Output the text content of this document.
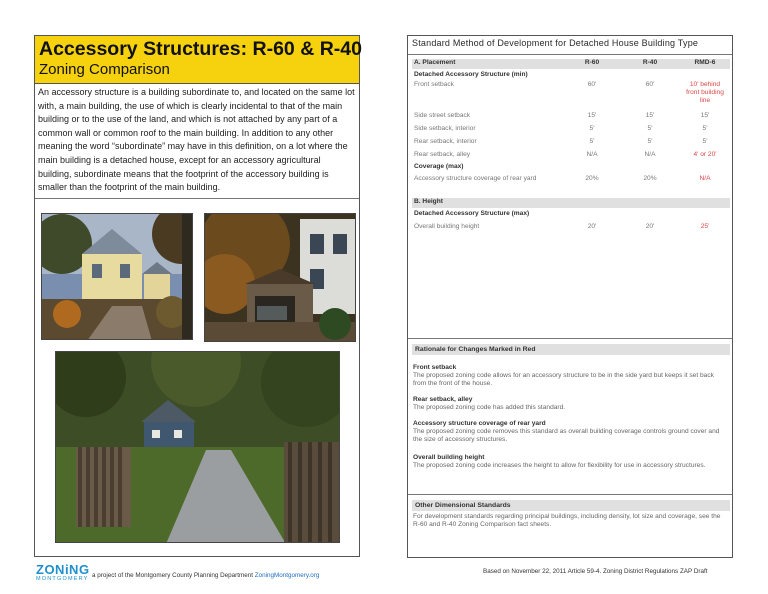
Accessory Structures: R-60 & R-40
Zoning Comparison
An accessory structure is a building subordinate to, and located on the same lot with, a main building, the use of which is clearly incidental to that of the main building or to the use of the land, and which is not attached by any part of a common wall or common roof to the main building. In addition to any other meaning the word “subordinate” may have in this definition, on a lot where the main building is a detached house, except for an accessory agricultural building, subordinate means that the footprint of the accessory building is smaller than the footprint of the main building.
Standard Method of Development for Detached House Building Type
A. Placement	R-60	R-40	RMD-6
Detached Accessory Structure (min)
Front setback	60'	60'	10' behind front building line
Side street setback	15'	15'	15'
Side setback, interior	5'	5'	5'
Rear setback, interior	5'	5'	5'
Rear setback, alley	N/A	N/A	4' or 20'
Coverage (max)
Accessory structure coverage of rear yard	20%	20%	N/A
B. Height
Detached Accessory Structure (max)
Overall building height	20'	20'	25'
Rationale for Changes Marked in Red
Front setback
The proposed zoning code allows for an accessory structure to be in the side yard but keeps it set back from the front of the house.
Rear setback, alley
The proposed zoning code has added this standard.
Accessory structure coverage of rear yard
The proposed zoning code removes this standard as overall building coverage controls ground cover and the size of accessory structures.
Overall building height
The proposed zoning code increases the height to allow for flexibility for use in accessory structures.
Other Dimensional Standards
For development standards regarding principal buildings, including density, lot size and coverage, see the R-60 and R-40 Zoning Comparison fact sheets.
ZONiNG
MONTGOMERY a project of the Montgomery County Planning Department ZoningMontgomery.org
Based on November 22, 2011 Article 59-4. Zoning District Regulations ZAP Draft
